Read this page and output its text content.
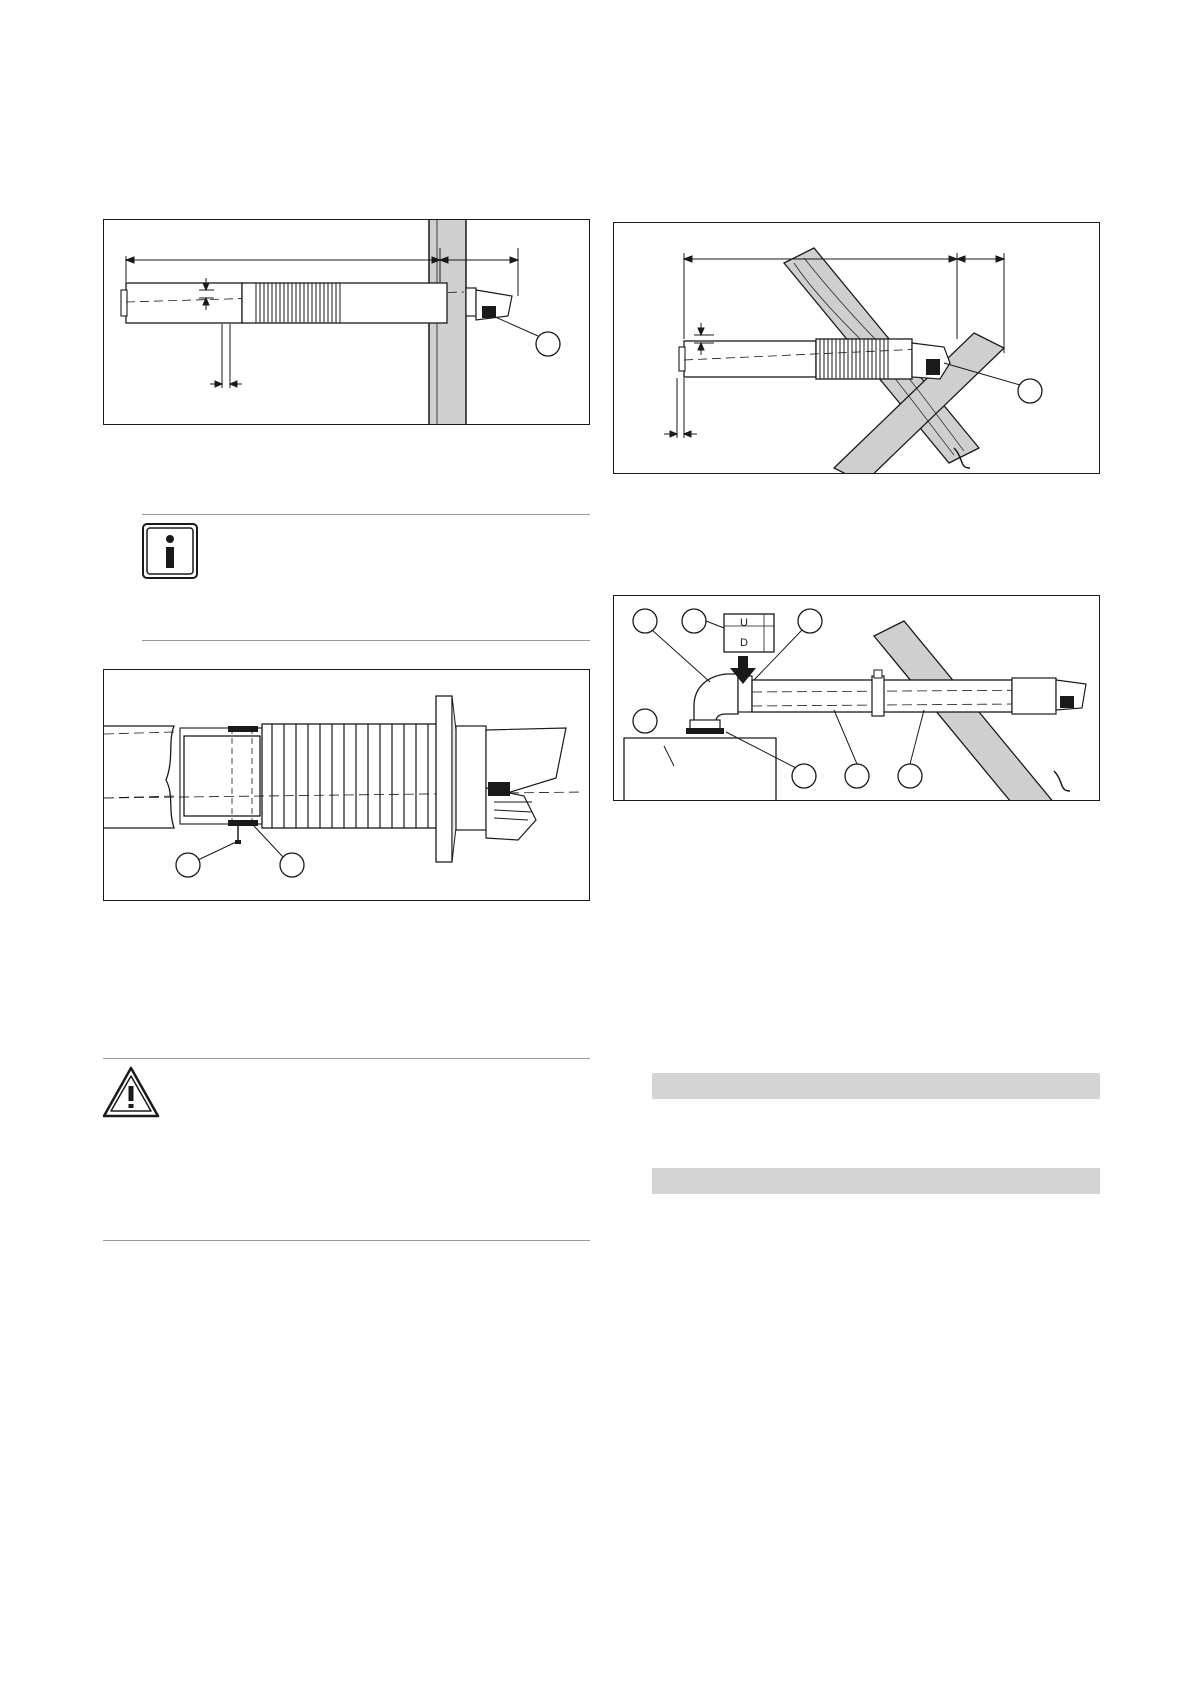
U
D
